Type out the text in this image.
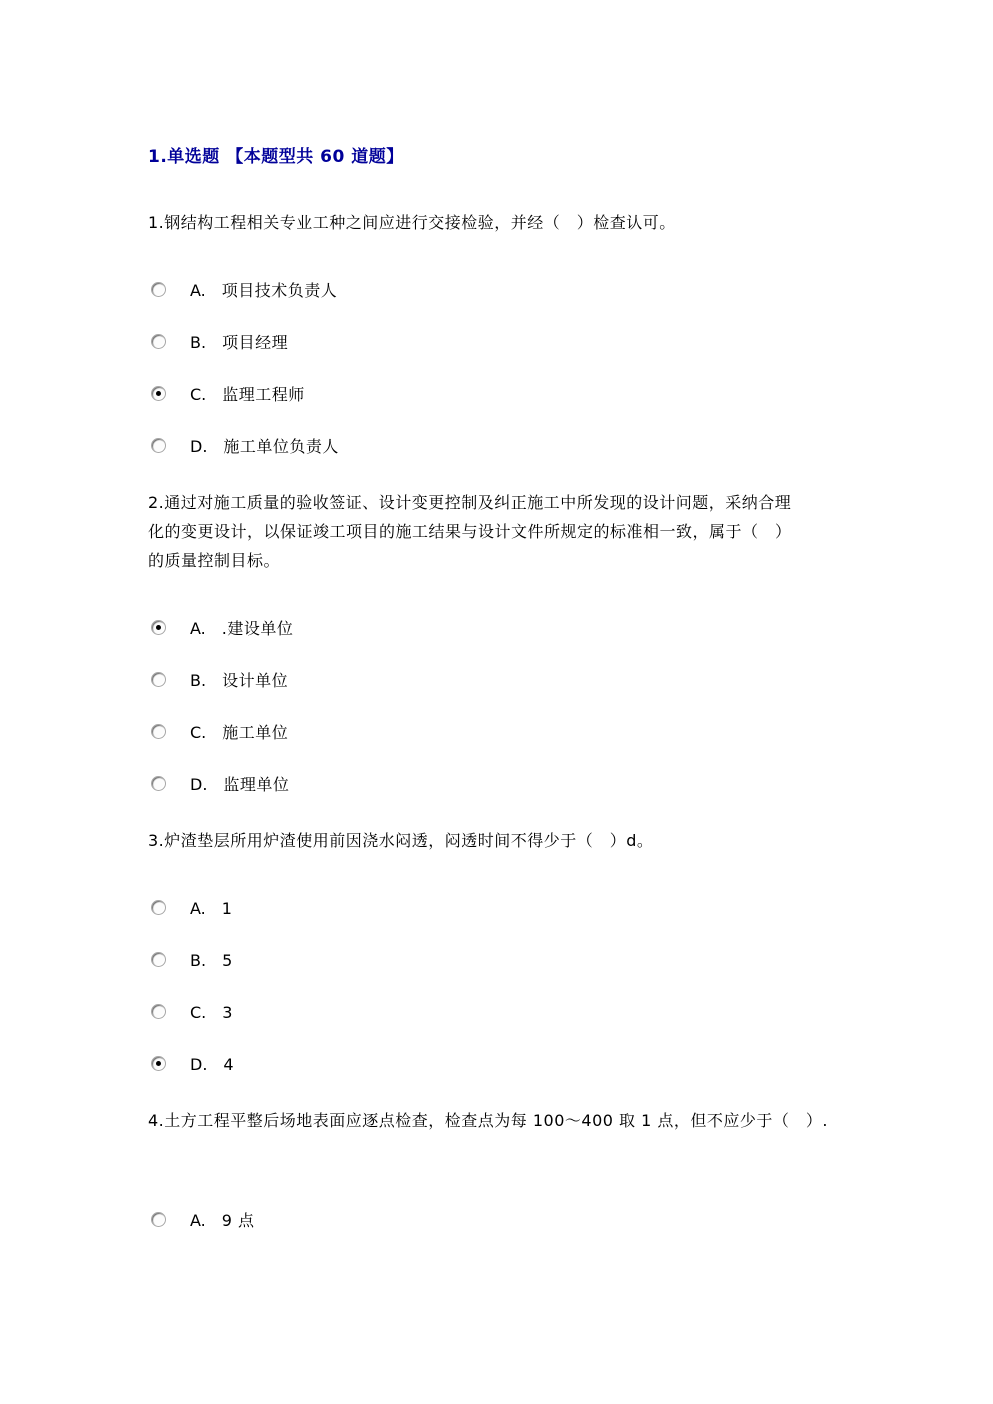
1.单选题 【本题型共 60 道题】
1.钢结构工程相关专业工种之间应进行交接检验，并经（　）检查认可。
A. 项目技术负责人
B. 项目经理
C. 监理工程师
D. 施工单位负责人
2.通过对施工质量的验收签证、设计变更控制及纠正施工中所发现的设计问题，采纳合理
化的变更设计，以保证竣工项目的施工结果与设计文件所规定的标准相一致，属于（　）
的质量控制目标。
A. .建设单位
B. 设计单位
C. 施工单位
D. 监理单位
3.炉渣垫层所用炉渣使用前因浇水闷透，闷透时间不得少于（　）d。
A. 1
B. 5
C. 3
D. 4
4.土方工程平整后场地表面应逐点检查，检查点为每 100～400 取 1 点，但不应少于（　）.
A. 9 点
